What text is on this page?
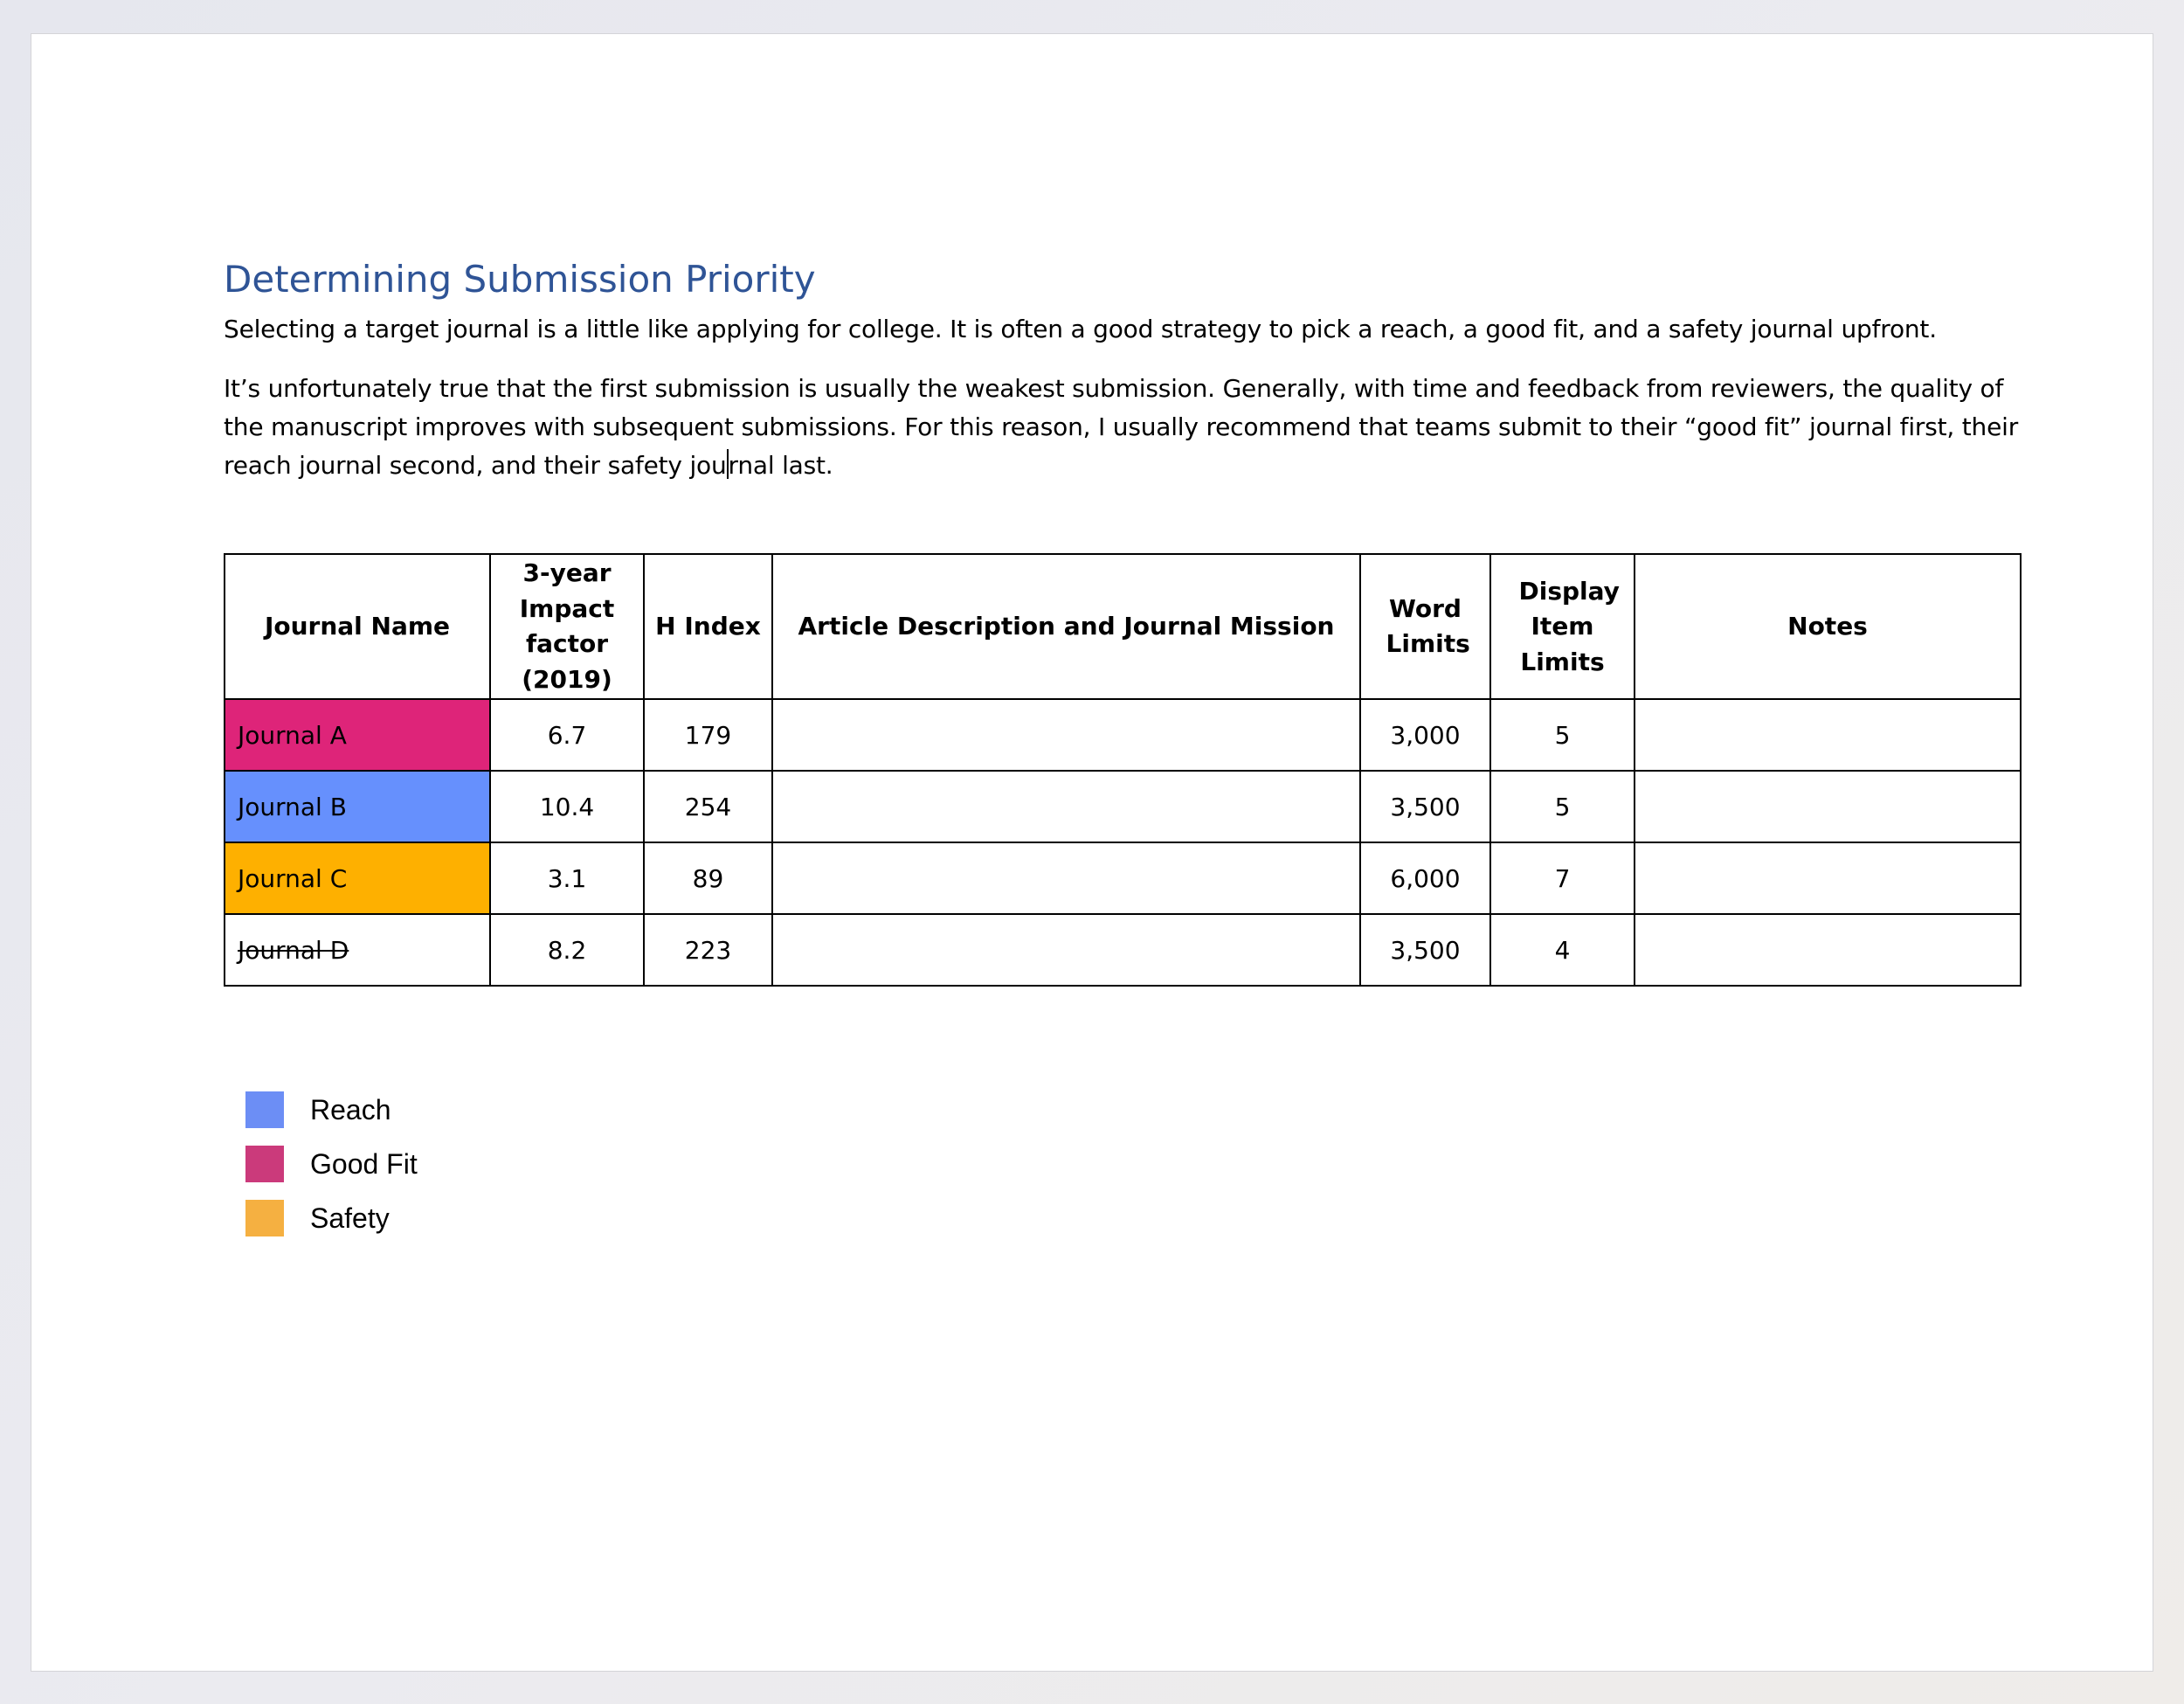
Determining Submission Priority

Selecting a target journal is a little like applying for college. It is often a good strategy to pick a reach, a good fit, and a safety journal upfront.

It’s unfortunately true that the first submission is usually the weakest submission. Generally, with time and feedback from reviewers, the quality of the manuscript improves with subsequent submissions. For this reason, I usually recommend that teams submit to their “good fit” journal first, their reach journal second, and their safety journal last.

Journal Name	3-year Impact factor (2019)	H Index	Article Description and Journal Mission	Word Limits	Display Item Limits	Notes
Journal A	6.7	179		3,000	5	
Journal B	10.4	254		3,500	5	
Journal C	3.1	89		6,000	7	
Journal D	8.2	223		3,500	4	
Reach
Good Fit
Safety
